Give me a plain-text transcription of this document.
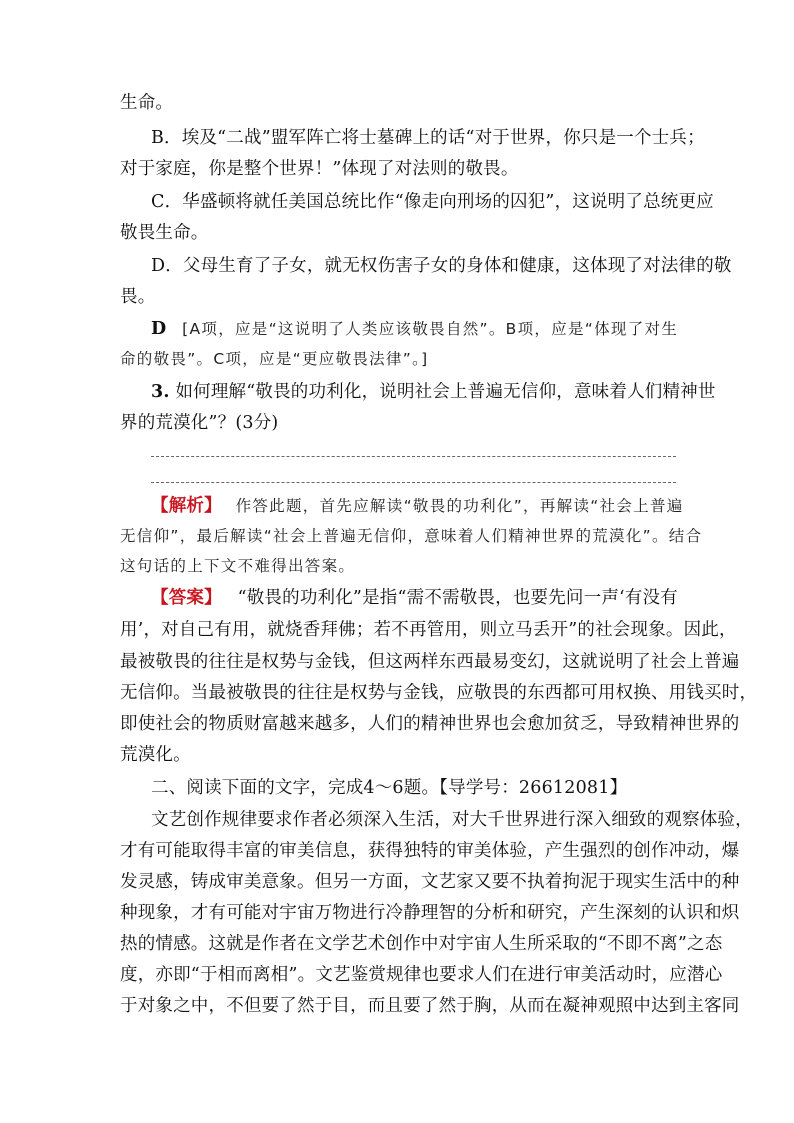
生命。
B．埃及“二战”盟军阵亡将士墓碑上的话“对于世界，你只是一个士兵；
对于家庭，你是整个世界！”体现了对法则的敬畏。
C．华盛顿将就任美国总统比作“像走向刑场的囚犯”，这说明了总统更应
敬畏生命。
D．父母生育了子女，就无权伤害子女的身体和健康，这体现了对法律的敬
畏。
D [A项，应是“这说明了人类应该敬畏自然”。B项，应是“体现了对生
命的敬畏”。C项，应是“更应敬畏法律”。]
3. 如何理解“敬畏的功利化，说明社会上普遍无信仰，意味着人们精神世
界的荒漠化”？(3分)
【解析】 作答此题，首先应解读“敬畏的功利化”，再解读“社会上普遍
无信仰”，最后解读“社会上普遍无信仰，意味着人们精神世界的荒漠化”。结合
这句话的上下文不难得出答案。
【答案】 “敬畏的功利化”是指“需不需敬畏，也要先问一声‘有没有
用’，对自己有用，就烧香拜佛；若不再管用，则立马丢开”的社会现象。因此，
最被敬畏的往往是权势与金钱，但这两样东西最易变幻，这就说明了社会上普遍
无信仰。当最被敬畏的往往是权势与金钱，应敬畏的东西都可用权换、用钱买时，
即使社会的物质财富越来越多，人们的精神世界也会愈加贫乏，导致精神世界的
荒漠化。
二、阅读下面的文字，完成4～6题。【导学号：26612081】
文艺创作规律要求作者必须深入生活，对大千世界进行深入细致的观察体验，
才有可能取得丰富的审美信息，获得独特的审美体验，产生强烈的创作冲动，爆
发灵感，铸成审美意象。但另一方面，文艺家又要不执着拘泥于现实生活中的种
种现象，才有可能对宇宙万物进行冷静理智的分析和研究，产生深刻的认识和炽
热的情感。这就是作者在文学艺术创作中对宇宙人生所采取的“不即不离”之态
度，亦即“于相而离相”。文艺鉴赏规律也要求人们在进行审美活动时，应潜心
于对象之中，不但要了然于目，而且要了然于胸，从而在凝神观照中达到主客同
